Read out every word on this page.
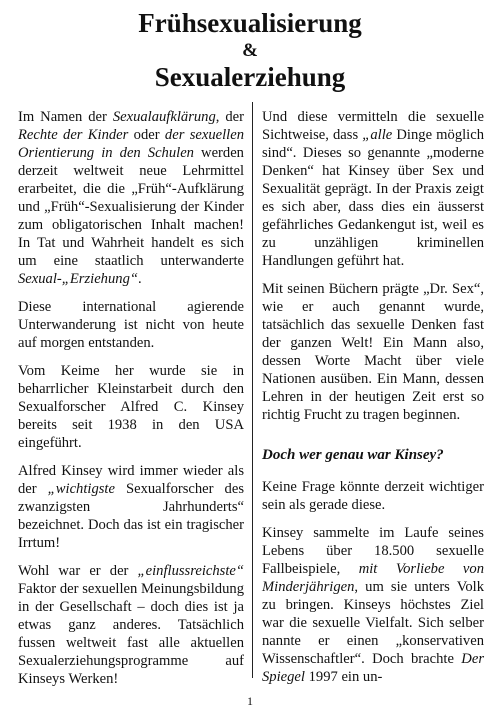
Frühsexualisierung
&
Sexualerziehung

Im Namen der Sexualaufklärung, der Rechte der Kinder oder der sexuellen Orientierung in den Schulen werden derzeit weltweit neue Lehrmittel erarbeitet, die die „Früh“-Aufklärung und „Früh“-Sexualisierung der Kinder zum obligatorischen Inhalt machen! In Tat und Wahrheit handelt es sich um eine staatlich unterwanderte Sexual-„Erziehung“.

Diese international agierende Unterwanderung ist nicht von heute auf morgen entstanden.

Vom Keime her wurde sie in beharrlicher Kleinstarbeit durch den Sexualforscher Alfred C. Kinsey bereits seit 1938 in den USA eingeführt.

Alfred Kinsey wird immer wieder als der „wichtigste Sexualforscher des zwanzigsten Jahrhunderts“ bezeichnet. Doch das ist ein tragischer Irrtum!

Wohl war er der „einflussreichste“ Faktor der sexuellen Meinungsbildung in der Gesellschaft – doch dies ist ja etwas ganz anderes. Tatsächlich fussen weltweit fast alle aktuellen Sexualerziehungsprogramme auf Kinseys Werken!

Und diese vermitteln die sexuelle Sichtweise, dass „alle Dinge möglich sind“. Dieses so genannte „moderne Denken“ hat Kinsey über Sex und Sexualität geprägt. In der Praxis zeigt es sich aber, dass dies ein äusserst gefährliches Gedankengut ist, weil es zu unzähligen kriminellen Handlungen geführt hat.

Mit seinen Büchern prägte „Dr. Sex“, wie er auch genannt wurde, tatsächlich das sexuelle Denken fast der ganzen Welt! Ein Mann also, dessen Worte Macht über viele Nationen ausüben. Ein Mann, dessen Lehren in der heutigen Zeit erst so richtig Frucht zu tragen beginnen.

Doch wer genau war Kinsey?

Keine Frage könnte derzeit wichtiger sein als gerade diese.

Kinsey sammelte im Laufe seines Lebens über 18.500 sexuelle Fallbeispiele, mit Vorliebe von Minderjährigen, um sie unters Volk zu bringen. Kinseys höchstes Ziel war die sexuelle Vielfalt. Sich selber nannte er einen „konservativen Wissenschaftler“. Doch brachte Der Spiegel 1997 ein un-

1
